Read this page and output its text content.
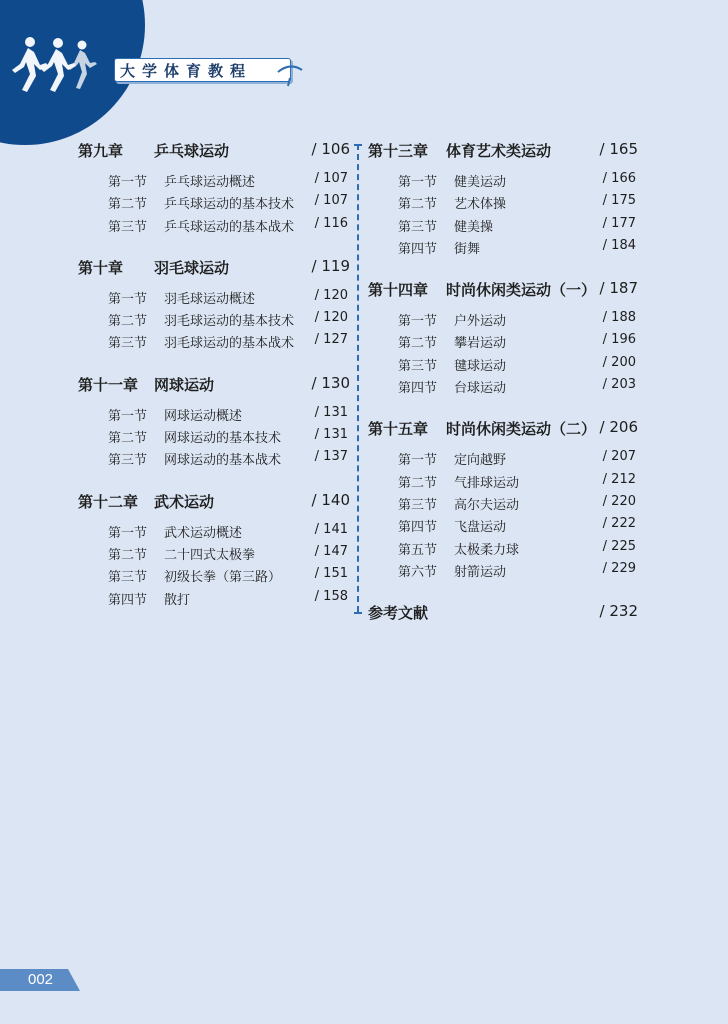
大学体育教程
第九章 乒乓球运动	/ 106
第一节 乒乓球运动概述	/ 107
第二节 乒乓球运动的基本技术 / 107
第三节 乒乓球运动的基本战术 / 116
第十章 羽毛球运动	/ 119
第一节 羽毛球运动概述	/ 120
第二节 羽毛球运动的基本技术 / 120
第三节 羽毛球运动的基本战术 / 127
第十一章 网球运动	/ 130
第一节 网球运动概述	/ 131
第二节 网球运动的基本技术	/ 131
第三节 网球运动的基本战术	/ 137
第十二章 武术运动	/ 140
第一节 武术运动概述	/ 141
第二节 二十四式太极拳	/ 147
第三节 初级长拳（第三路）	/ 151
第四节 散打	/ 158
第十三章 体育艺术类运动	/ 165
第一节 健美运动	/ 166
第二节 艺术体操	/ 175
第三节 健美操	/ 177
第四节 街舞	/ 184
第十四章 时尚休闲类运动（一） / 187
第一节 户外运动	/ 188
第二节 攀岩运动	/ 196
第三节 毽球运动	/ 200
第四节 台球运动	/ 203
第十五章 时尚休闲类运动（二） / 206
第一节 定向越野	/ 207
第二节 气排球运动	/ 212
第三节 高尔夫运动	/ 220
第四节 飞盘运动	/ 222
第五节 太极柔力球	/ 225
第六节 射箭运动	/ 229
参考文献	/ 232
002
